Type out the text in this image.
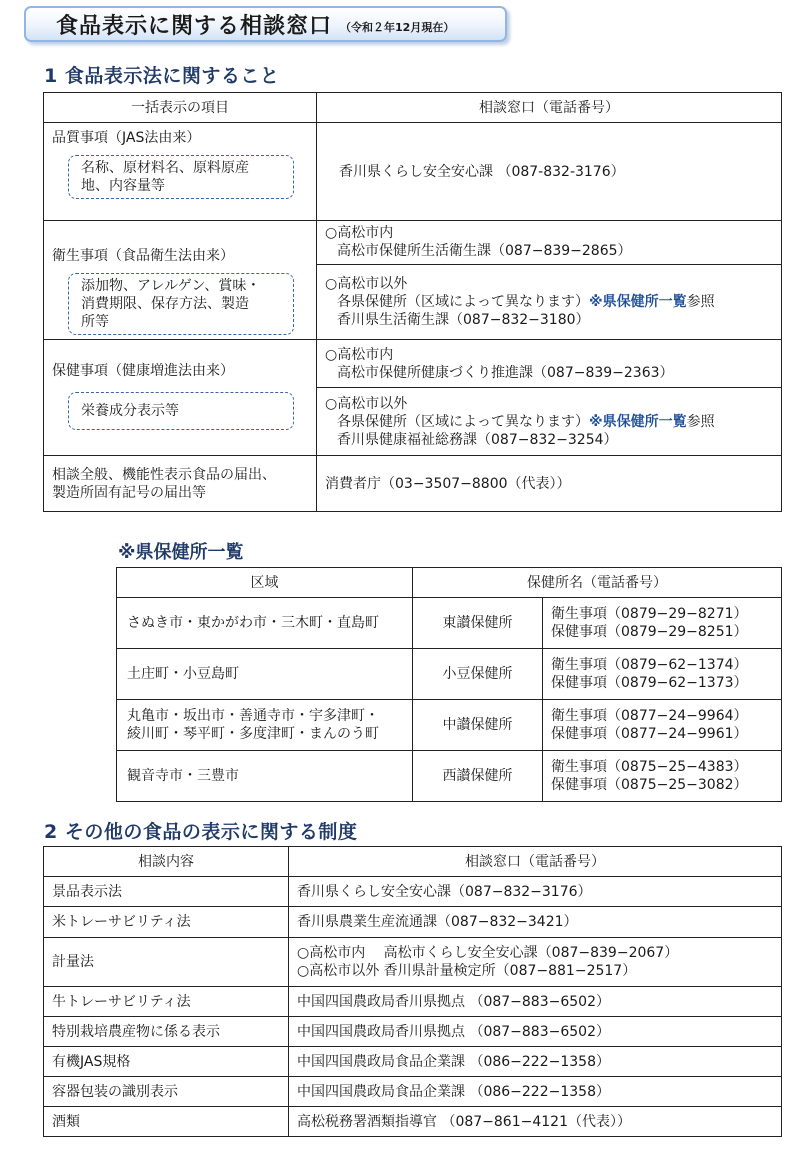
食品表示に関する相談窓口 （令和２年12月現在）
1 食品表示法に関すること
一括表示の項目	相談窓口（電話番号）

品質事項（JAS法由来）
名称、原材料名、原料原産
地、内容量等	香川県くらし安全安心課 （087-832-3176）

衛生事項（食品衛生法由来）
添加物、アレルゲン、賞味・
消費期限、保存方法、製造
所等	○高松市内
高松市保健所生活衛生課（087−839−2865）

	○高松市以外
各県保健所（区域によって異なります）※県保健所一覧参照
香川県生活衛生課（087−832−3180）

保健事項（健康増進法由来）
栄養成分表示等	○高松市内
高松市保健所健康づくり推進課（087−839−2363）

	○高松市以外
各県保健所（区域によって異なります）※県保健所一覧参照
香川県健康福祉総務課（087−832−3254）

相談全般、機能性表示食品の届出、
製造所固有記号の届出等	消費者庁（03−3507−8800（代表））
※県保健所一覧
区域	保健所名（電話番号）	

さぬき市・東かがわ市・三木町・直島町	東讃保健所	衛生事項（0879−29−8271）
保健事項（0879−29−8251）

土庄町・小豆島町	小豆保健所	衛生事項（0879−62−1374）
保健事項（0879−62−1373）

丸亀市・坂出市・善通寺市・宇多津町・
綾川町・琴平町・多度津町・まんのう町	中讃保健所	衛生事項（0877−24−9964）
保健事項（0877−24−9961）

観音寺市・三豊市	西讃保健所	衛生事項（0875−25−4383）
保健事項（0875−25−3082）
2 その他の食品の表示に関する制度
相談内容	相談窓口（電話番号）
景品表示法	香川県くらし安全安心課（087−832−3176）

米トレーサビリティ法	香川県農業生産流通課（087−832−3421）

計量法	○高松市内　 高松市くらし安全安心課（087−839−2067）
○高松市以外 香川県計量検定所（087−881−2517）

牛トレーサビリティ法	中国四国農政局香川県拠点 （087−883−6502）

特別栽培農産物に係る表示	中国四国農政局香川県拠点 （087−883−6502）

有機JAS規格	中国四国農政局食品企業課 （086−222−1358）

容器包装の識別表示	中国四国農政局食品企業課 （086−222−1358）

酒類	高松税務署酒類指導官 （087−861−4121（代表））
